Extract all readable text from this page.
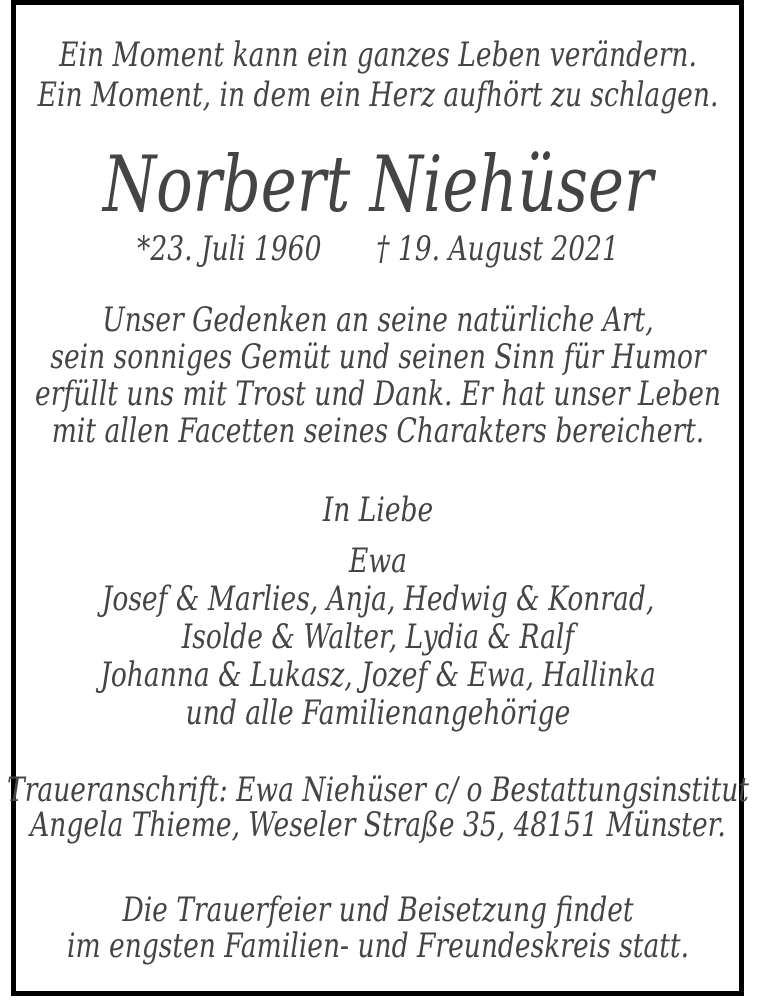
Ein Moment kann ein ganzes Leben verändern.
Ein Moment, in dem ein Herz aufhört zu schlagen.
Norbert Niehüser
*23. Juli 1960 † 19. August 2021
Unser Gedenken an seine natürliche Art,
sein sonniges Gemüt und seinen Sinn für Humor
erfüllt uns mit Trost und Dank. Er hat unser Leben
mit allen Facetten seines Charakters bereichert.
In Liebe
Ewa
Josef & Marlies, Anja, Hedwig & Konrad,
Isolde & Walter, Lydia & Ralf
Johanna & Lukasz, Jozef & Ewa, Hallinka
und alle Familienangehörige
Traueranschrift: Ewa Niehüser c/ o Bestattungsinstitut
Angela Thieme, Weseler Straße 35, 48151 Münster.
Die Trauerfeier und Beisetzung findet
im engsten Familien- und Freundeskreis statt.
